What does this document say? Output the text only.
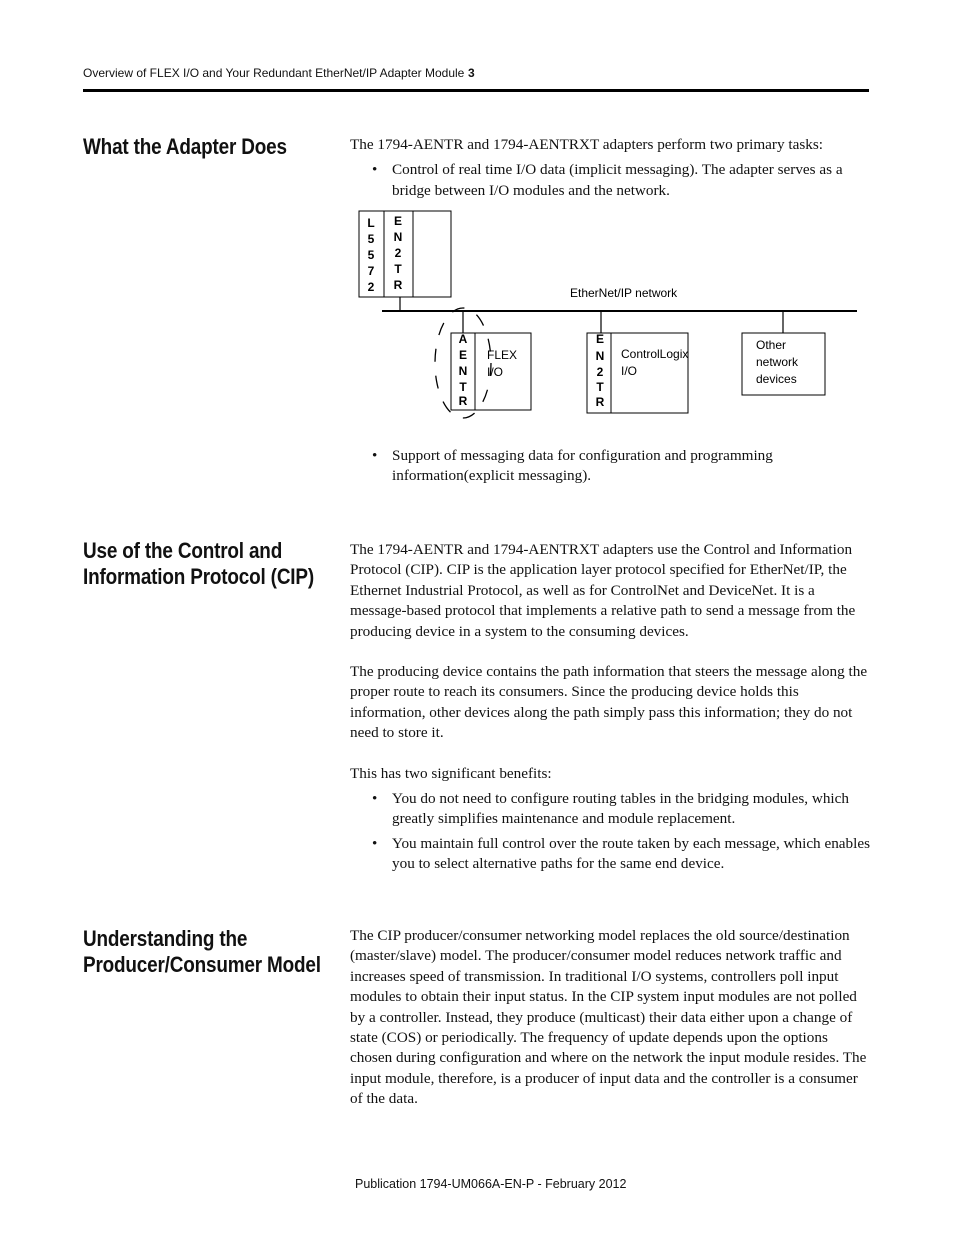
Overview of FLEX I/O and Your Redundant EtherNet/IP Adapter Module 3
What the Adapter Does	The 1794-AENTR and 1794-AENTRXT adapters perform two primary tasks:

• Control of real time I/O data (implicit messaging). The adapter serves as a bridge between I/O modules and the network.
L
5
5
7
2
E
N
2
T
R
EtherNet/IP network
A
E
N
T
R
FLEX
I/O
E
N
2
T
R
ControlLogix
I/O
Other
network
devices
• Support of messaging data for configuration and programming information(explicit messaging).
Use of the Control and
Information Protocol (CIP)

The 1794-AENTR and 1794-AENTRXT adapters use the Control and Information Protocol (CIP). CIP is the application layer protocol specified for EtherNet/IP, the Ethernet Industrial Protocol, as well as for ControlNet and DeviceNet. It is a message-based protocol that implements a relative path to send a message from the producing device in a system to the consuming devices.

The producing device contains the path information that steers the message along the proper route to reach its consumers. Since the producing device holds this information, other devices along the path simply pass this information; they do not need to store it.

This has two significant benefits:

• You do not need to configure routing tables in the bridging modules, which greatly simplifies maintenance and module replacement.
• You maintain full control over the route taken by each message, which enables you to select alternative paths for the same end device.
Understanding the
Producer/Consumer Model

The CIP producer/consumer networking model replaces the old source/destination (master/slave) model. The producer/consumer model reduces network traffic and increases speed of transmission. In traditional I/O systems, controllers poll input modules to obtain their input status. In the CIP system input modules are not polled by a controller. Instead, they produce (multicast) their data either upon a change of state (COS) or periodically. The frequency of update depends upon the options chosen during configuration and where on the network the input module resides. The input module, therefore, is a producer of input data and the controller is a consumer of the data.

Publication 1794-UM066A-EN-P - February 2012
